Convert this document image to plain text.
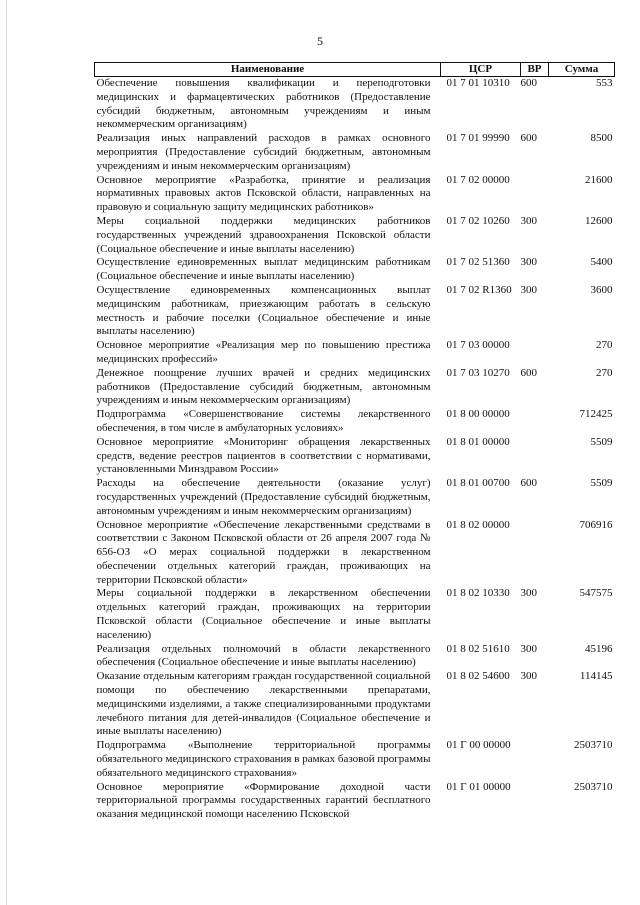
5
Наименование	ЦСР	ВР	Сумма
Обеспечение повышения квалификации и переподготовки медицинских и фармацевтических работников (Предоставление субсидий бюджетным, автономным учреждениям и иным некоммерческим организациям)	01 7 01 10310	600	553
Реализация иных направлений расходов в рамках основного мероприятия (Предоставление субсидий бюджетным, автономным учреждениям и иным некоммерческим организациям)	01 7 01 99990	600	8500
Основное мероприятие «Разработка, принятие и реализация нормативных правовых актов Псковской области, направленных на правовую и социальную защиту медицинских работников»	01 7 02 00000		21600
Меры социальной поддержки медицинских работников государственных учреждений здравоохранения Псковской области (Социальное обеспечение и иные выплаты населению)	01 7 02 10260	300	12600
Осуществление единовременных выплат медицинским работникам (Социальное обеспечение и иные выплаты населению)	01 7 02 51360	300	5400
Осуществление единовременных компенсационных выплат медицинским работникам, приезжающим работать в сельскую местность и рабочие поселки (Социальное обеспечение и иные выплаты населению)	01 7 02 R1360	300	3600
Основное мероприятие «Реализация мер по повышению престижа медицинских профессий»	01 7 03 00000		270
Денежное поощрение лучших врачей и средних медицинских работников (Предоставление субсидий бюджетным, автономным учреждениям и иным некоммерческим организациям)	01 7 03 10270	600	270
Подпрограмма «Совершенствование системы лекарственного обеспечения, в том числе в амбулаторных условиях»	01 8 00 00000		712425
Основное мероприятие «Мониторинг обращения лекарственных средств, ведение реестров пациентов в соответствии с нормативами, установленными Минздравом России»	01 8 01 00000		5509
Расходы на обеспечение деятельности (оказание услуг) государственных учреждений (Предоставление субсидий бюджетным, автономным учреждениям и иным некоммерческим организациям)	01 8 01 00700	600	5509
Основное мероприятие «Обеспечение лекарственными средствами в соответствии с Законом Псковской области от 26 апреля 2007 года № 656-ОЗ «О мерах социальной поддержки в лекарственном обеспечении отдельных категорий граждан, проживающих на территории Псковской области»	01 8 02 00000		706916
Меры социальной поддержки в лекарственном обеспечении отдельных категорий граждан, проживающих на территории Псковской области (Социальное обеспечение и иные выплаты населению)	01 8 02 10330	300	547575
Реализация отдельных полномочий в области лекарственного обеспечения (Социальное обеспечение и иные выплаты населению)	01 8 02 51610	300	45196
Оказание отдельным категориям граждан государственной социальной помощи по обеспечению лекарственными препаратами, медицинскими изделиями, а также специализированными продуктами лечебного питания для детей-инвалидов (Социальное обеспечение и иные выплаты населению)	01 8 02 54600	300	114145
Подпрограмма «Выполнение территориальной программы обязательного медицинского страхования в рамках базовой программы обязательного медицинского страхования»	01 Г 00 00000		2503710
Основное мероприятие «Формирование доходной части территориальной программы государственных гарантий бесплатного оказания медицинской помощи населению Псковской	01 Г 01 00000		2503710
